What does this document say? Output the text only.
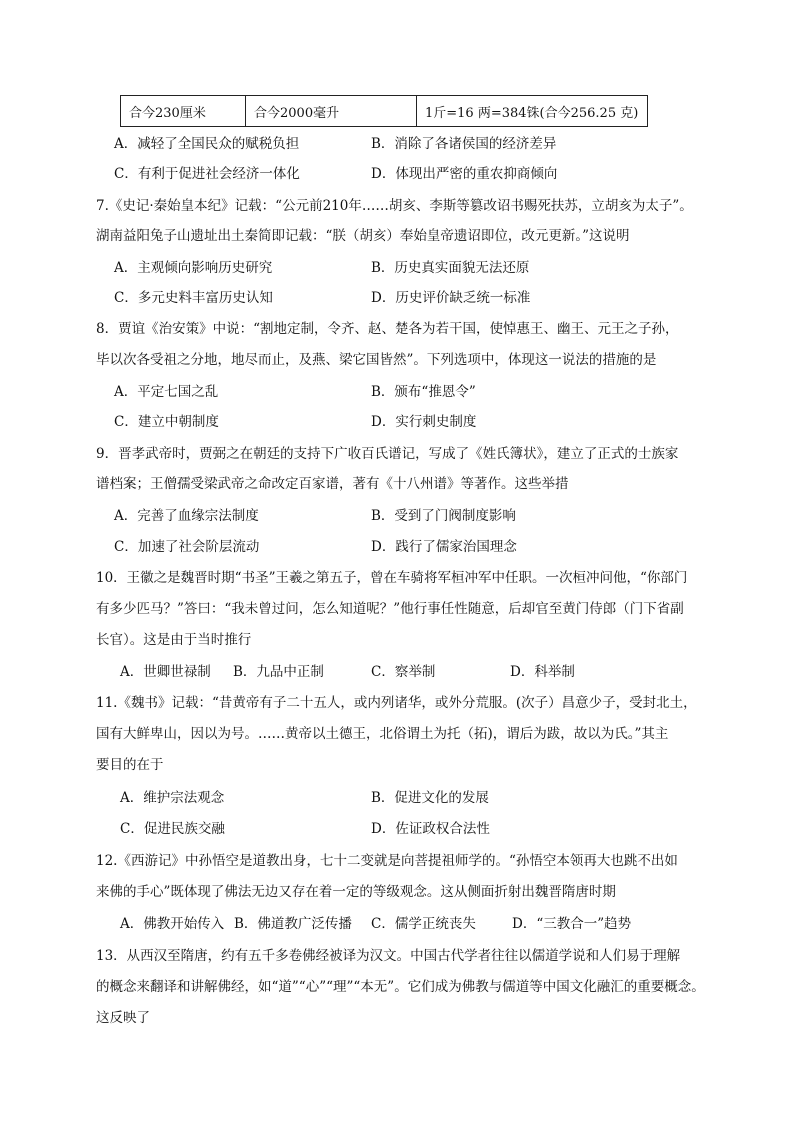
合今230厘米	合今2000毫升	1斤=16 两=384铢(合今256.25 克)
A．减轻了全国民众的赋税负担	B．消除了各诸侯国的经济差异
C．有利于促进社会经济一体化	D．体现出严密的重农抑商倾向
7.《史记·秦始皇本纪》记载：“公元前210年……胡亥、李斯等篡改诏书赐死扶苏，立胡亥为太子”。
湖南益阳兔子山遗址出土秦简即记载：“朕（胡亥）奉始皇帝遗诏即位，改元更新。”这说明
A．主观倾向影响历史研究	B．历史真实面貌无法还原
C．多元史料丰富历史认知	D．历史评价缺乏统一标准
8．贾谊《治安策》中说：“割地定制，令齐、赵、楚各为若干国，使悼惠王、幽王、元王之子孙，
毕以次各受祖之分地，地尽而止，及燕、梁它国皆然”。下列选项中，体现这一说法的措施的是
A．平定七国之乱	B．颁布“推恩令”
C．建立中朝制度	D．实行刺史制度
9．晋孝武帝时，贾弼之在朝廷的支持下广收百氏谱记，写成了《姓氏簿状》，建立了正式的士族家
谱档案；王僧孺受梁武帝之命改定百家谱，著有《十八州谱》等著作。这些举措
A．完善了血缘宗法制度	B．受到了门阀制度影响
C．加速了社会阶层流动	D．践行了儒家治国理念
10．王徽之是魏晋时期“书圣”王羲之第五子，曾在车骑将军桓冲军中任职。一次桓冲问他，“你部门
有多少匹马？”答曰：“我未曾过问，怎么知道呢？”他行事任性随意，后却官至黄门侍郎（门下省副
长官）。这是由于当时推行
A．世卿世禄制 B．九品中正制	C．察举制	D．科举制
11.《魏书》记载：“昔黄帝有子二十五人，或内列诸华，或外分荒服。(次子）昌意少子，受封北土，
国有大鲜卑山，因以为号。……黄帝以土德王，北俗谓土为托（拓)，谓后为跋，故以为氏。”其主
要目的在于
A．维护宗法观念	B．促进文化的发展
C．促进民族交融	D．佐证政权合法性
12.《西游记》中孙悟空是道教出身，七十二变就是向菩提祖师学的。“孙悟空本领再大也跳不出如
来佛的手心”既体现了佛法无边又存在着一定的等级观念。这从侧面折射出魏晋隋唐时期
A．佛教开始传入 B．佛道教广泛传播 C．儒学正统丧失	D．“三教合一”趋势
13．从西汉至隋唐，约有五千多卷佛经被译为汉文。中国古代学者往往以儒道学说和人们易于理解
的概念来翻译和讲解佛经，如“道”“心”“理”“本无”。它们成为佛教与儒道等中国文化融汇的重要概念。
这反映了
